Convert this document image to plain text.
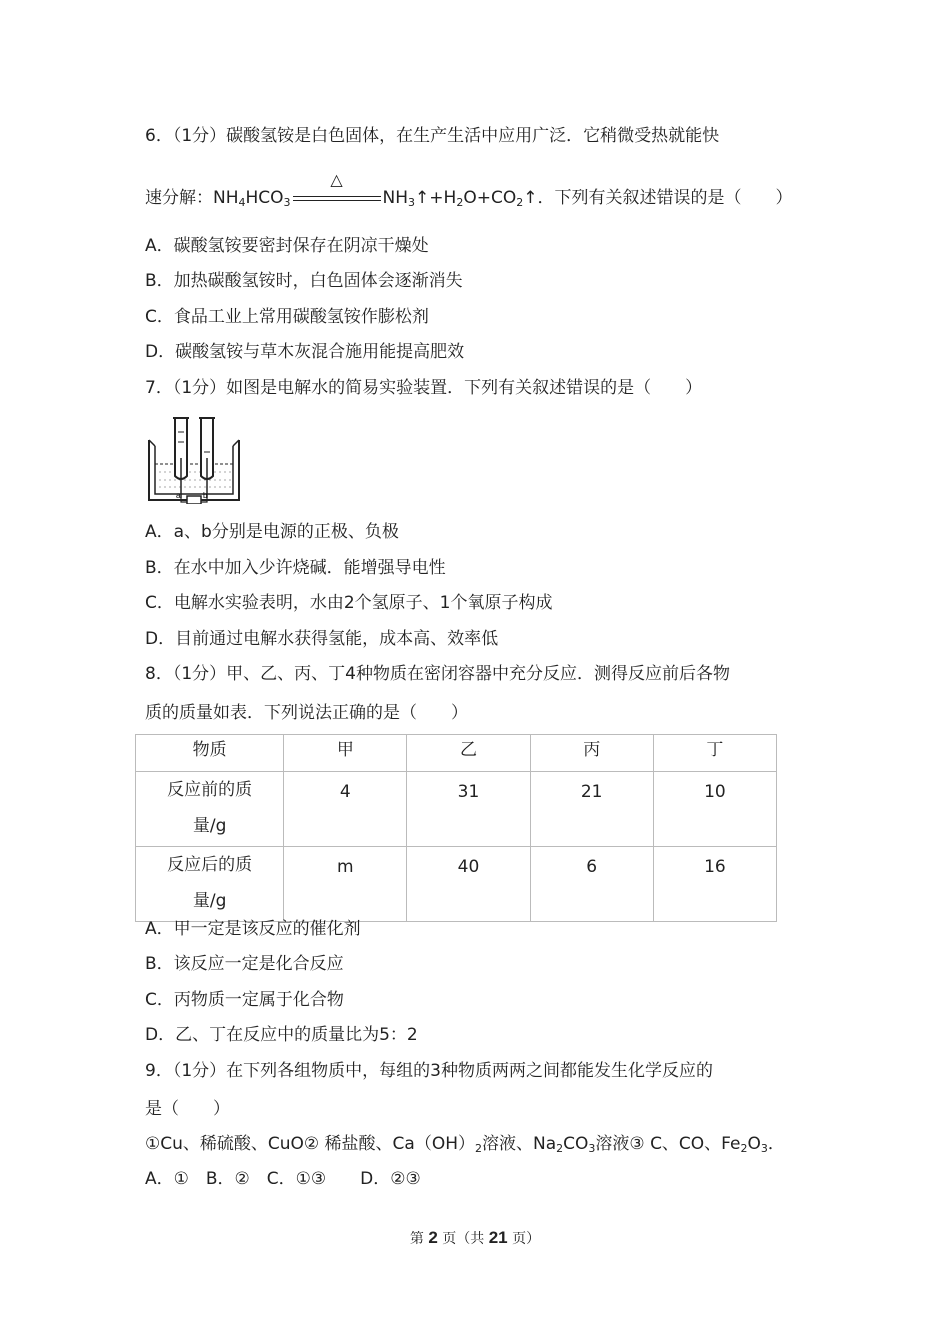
6．（1分）碳酸氢铵是白色固体，在生产生活中应用广泛．它稍微受热就能快
速分解：$NH_4HCO_3$
△
$NH_3↑+H_2O+CO_2↑$．下列有关叙述错误的是（　　）
A．碳酸氢铵要密封保存在阴凉干燥处
B．加热碳酸氢铵时，白色固体会逐渐消失
C．食品工业上常用碳酸氢铵作膨松剂
D．碳酸氢铵与草木灰混合施用能提高肥效
7．（1分）如图是电解水的简易实验装置．下列有关叙述错误的是（　　）
a	b
A．a、b分别是电源的正极、负极
B．在水中加入少许烧碱．能增强导电性
C．电解水实验表明，水由2个氢原子、1个氧原子构成
D．目前通过电解水获得氢能，成本高、效率低
8．（1分）甲、乙、丙、丁4种物质在密闭容器中充分反应．测得反应前后各物
质的质量如表．下列说法正确的是（　　）
物质	甲	乙	丙	丁

反应前的质
量/g	4	31	21	10

反应后的质
量/g	m	40	6	16
A．甲一定是该反应的催化剂
B．该反应一定是化合反应
C．丙物质一定属于化合物
D．乙、丁在反应中的质量比为5：2
9．（1分）在下列各组物质中，每组的3种物质两两之间都能发生化学反应的
是（　　）
①Cu、稀硫酸、CuO② 稀盐酸、$Ca(OH)_2$溶液、$Na_2CO_3$溶液③ C、CO、$Fe_2O_3$．
A．①　B．②　C．①③　　D．②③
第 2 页（共 21 页）
